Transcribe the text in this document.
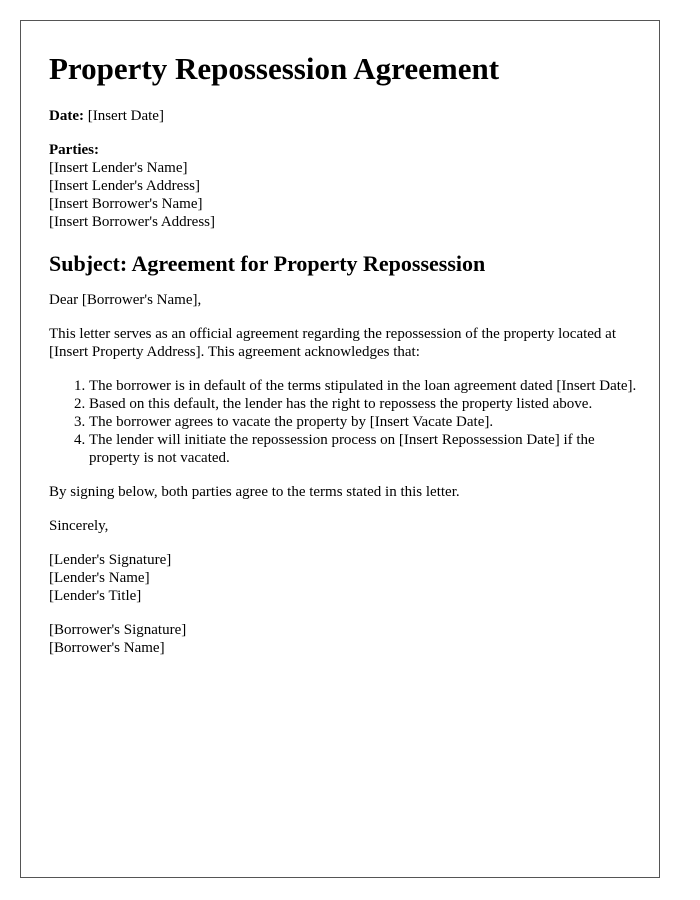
Property Repossession Agreement
Date: [Insert Date]
Parties:
[Insert Lender's Name]
[Insert Lender's Address]
[Insert Borrower's Name]
[Insert Borrower's Address]
Subject: Agreement for Property Repossession

Dear [Borrower's Name],

This letter serves as an official agreement regarding the repossession of the property located at [Insert Property Address]. This agreement acknowledges that:

1. The borrower is in default of the terms stipulated in the loan agreement dated [Insert Date].
2. Based on this default, the lender has the right to repossess the property listed above.
3. The borrower agrees to vacate the property by [Insert Vacate Date].
4. The lender will initiate the repossession process on [Insert Repossession Date] if the property is not vacated.

By signing below, both parties agree to the terms stated in this letter.

Sincerely,

[Lender's Signature]
[Lender's Name]
[Lender's Title]
[Borrower's Signature]
[Borrower's Name]
